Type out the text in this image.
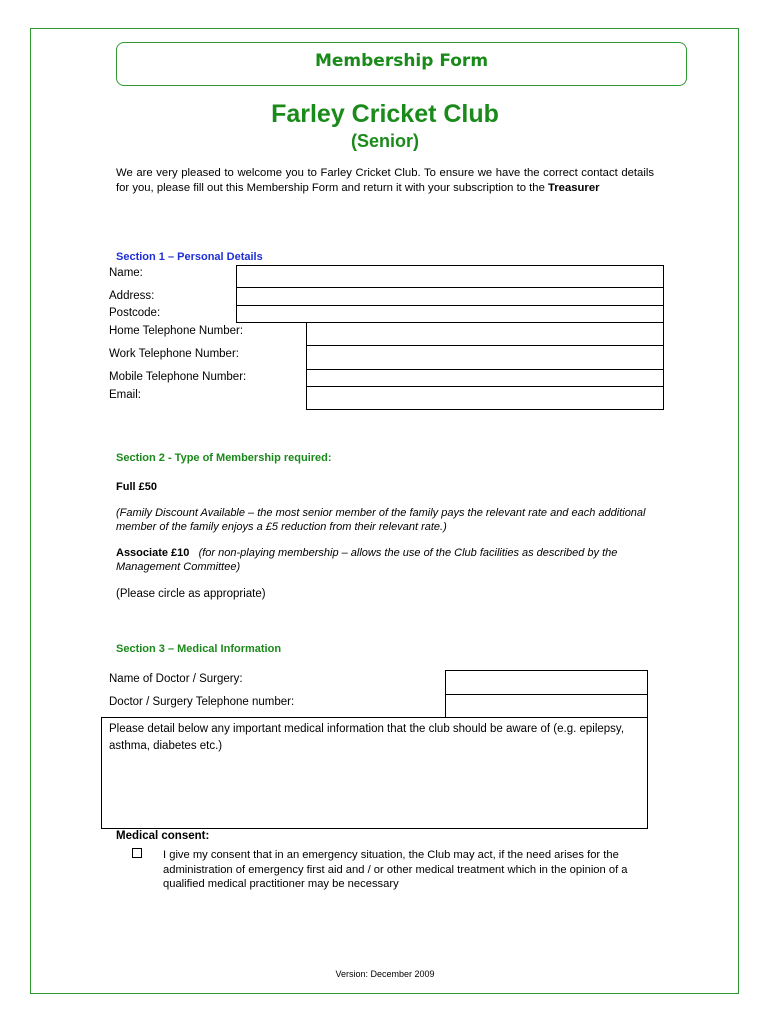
Membership Form
Farley Cricket Club
(Senior)
We are very pleased to welcome you to Farley Cricket Club. To ensure we have the correct contact details for you, please fill out this Membership Form and return it with your subscription to the Treasurer
Section 1 – Personal Details
Name:
Address:
Postcode:
Home Telephone Number:
Work Telephone Number:
Mobile Telephone Number:
Email:
Section 2 - Type of Membership required:
Full £50
(Family Discount Available – the most senior member of the family pays the relevant rate and each additional member of the family enjoys a £5 reduction from their relevant rate.)
Associate £10 (for non-playing membership – allows the use of the Club facilities as described by the Management Committee)
(Please circle as appropriate)
Section 3 – Medical Information
Name of Doctor / Surgery:
Doctor / Surgery Telephone number:
Please detail below any important medical information that the club should be aware of (e.g. epilepsy, asthma, diabetes etc.)
Medical consent:
I give my consent that in an emergency situation, the Club may act, if the need arises for the administration of emergency first aid and / or other medical treatment which in the opinion of a qualified medical practitioner may be necessary
Version: December 2009
